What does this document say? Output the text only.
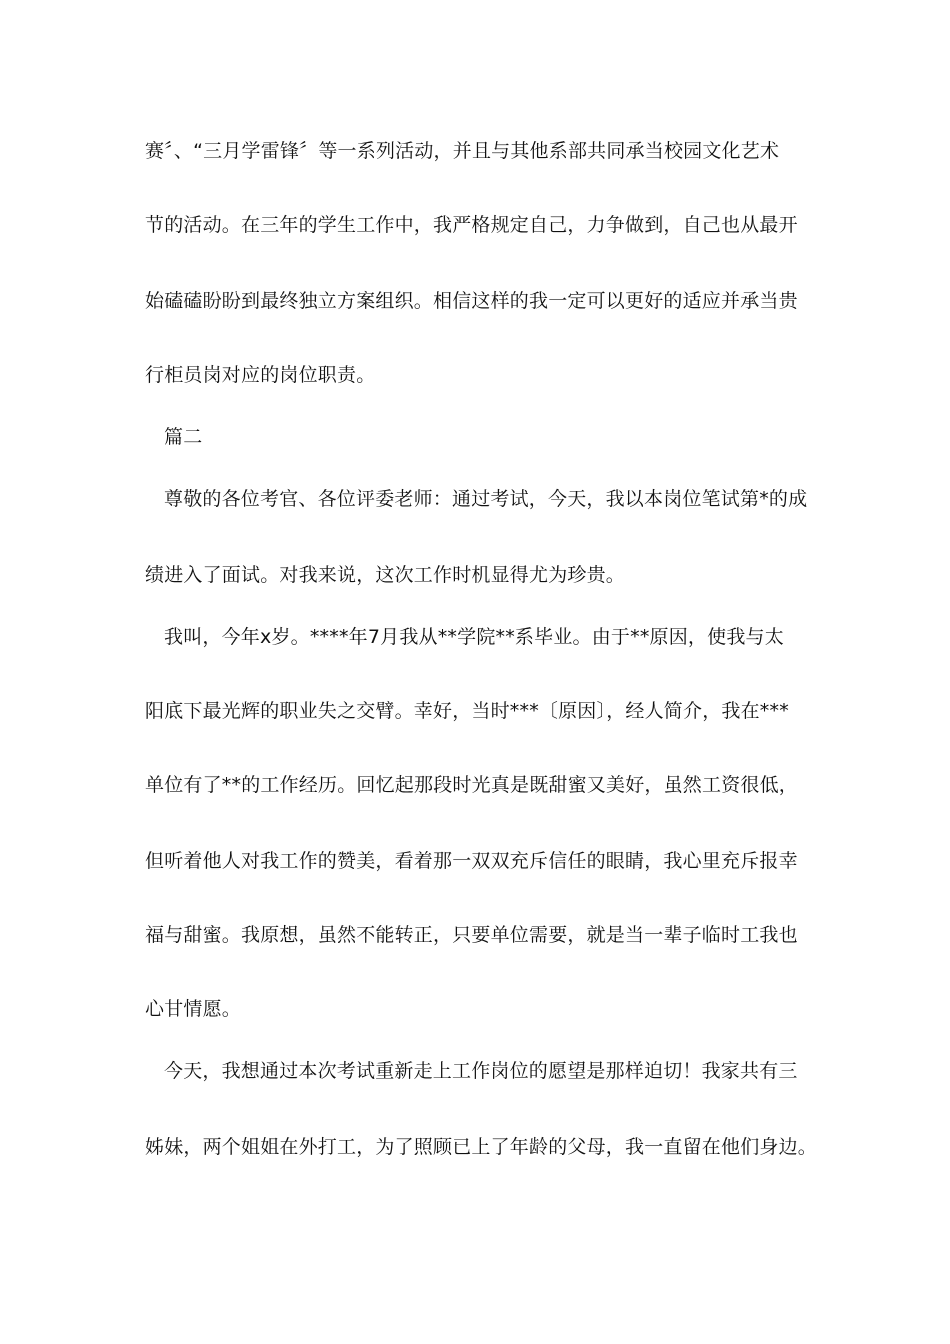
赛〞、“三月学雷锋〞等一系列活动，并且与其他系部共同承当校园文化艺术
节的活动。在三年的学生工作中，我严格规定自己，力争做到，自己也从最开
始磕磕盼盼到最终独立方案组织。相信这样的我一定可以更好的适应并承当贵
行柜员岗对应的岗位职责。
篇二
尊敬的各位考官、各位评委老师：通过考试，今天，我以本岗位笔试第*的成
绩进入了面试。对我来说，这次工作时机显得尤为珍贵。
我叫，今年x岁。****年7月我从**学院**系毕业。由于**原因，使我与太
阳底下最光辉的职业失之交臂。幸好，当时***〔原因〕，经人简介，我在***
单位有了**的工作经历。回忆起那段时光真是既甜蜜又美好，虽然工资很低，
但听着他人对我工作的赞美，看着那一双双充斥信任的眼睛，我心里充斥报幸
福与甜蜜。我原想，虽然不能转正，只要单位需要，就是当一辈子临时工我也
心甘情愿。
今天，我想通过本次考试重新走上工作岗位的愿望是那样迫切！我家共有三
姊妹，两个姐姐在外打工，为了照顾已上了年龄的父母，我一直留在他们身边。
